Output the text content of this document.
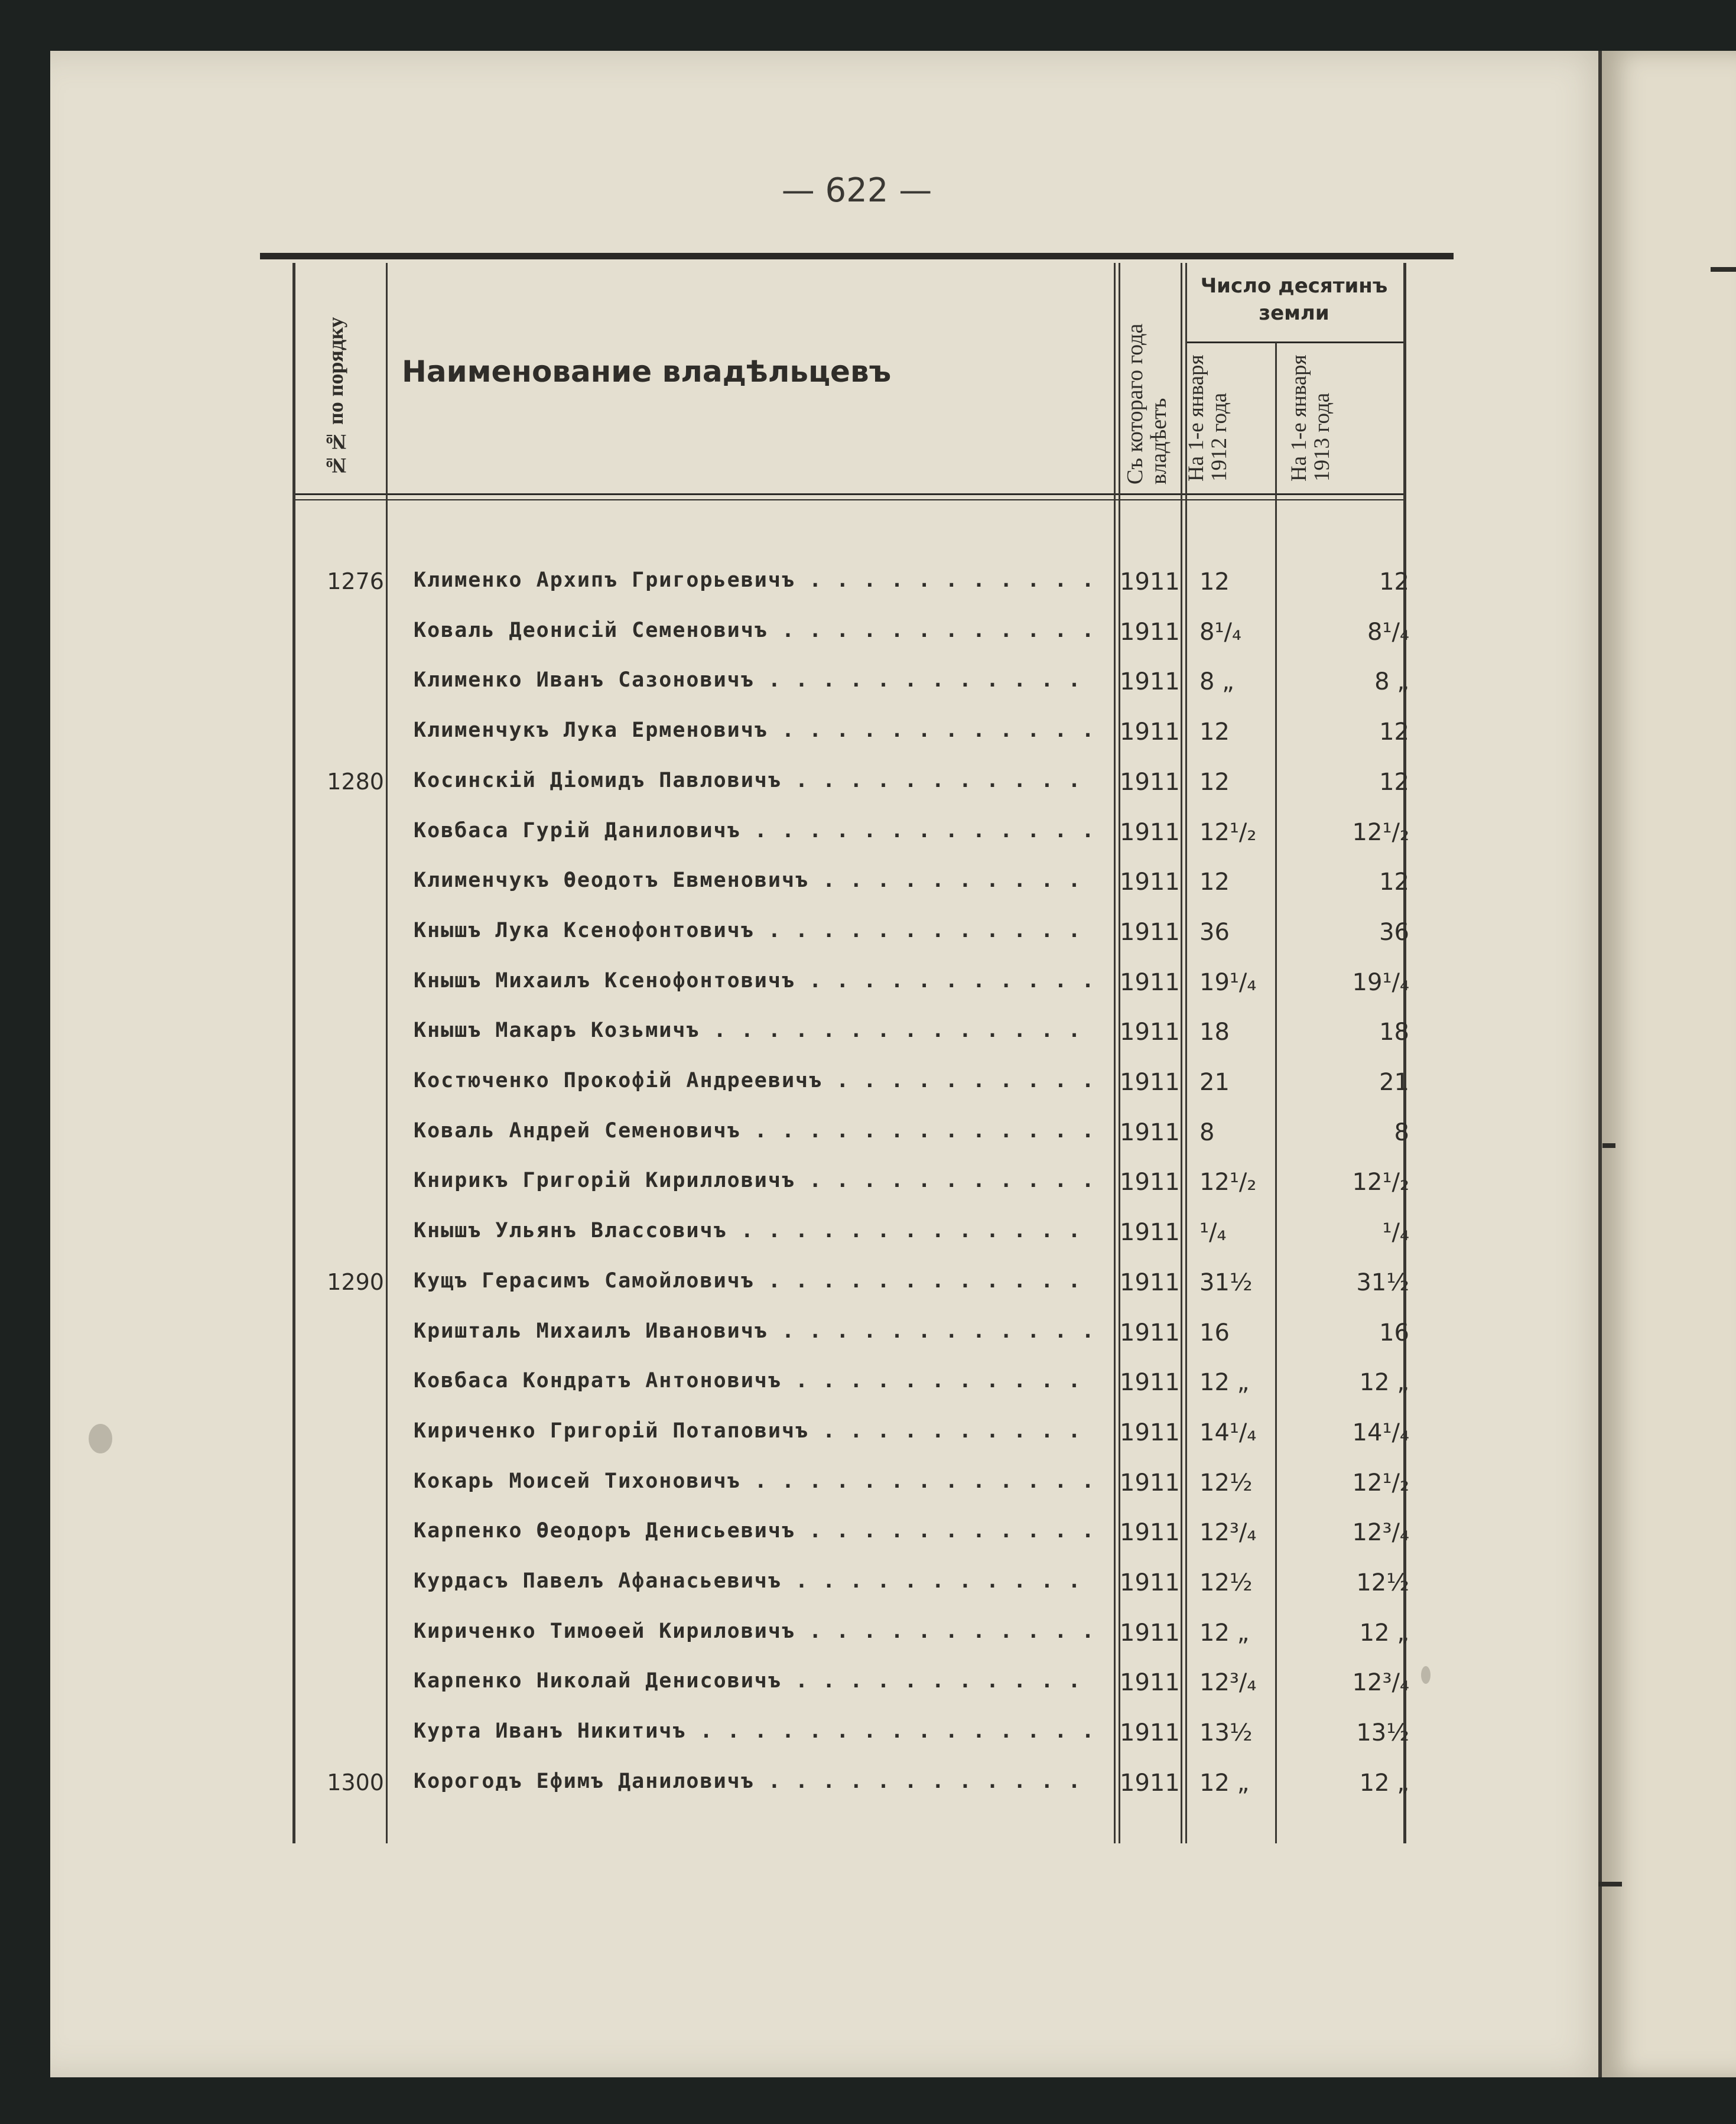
— 622 —
№№ по порядку Наименование владѣльцевъ	Съ котораго года владѣетъ
Число десятинъ земли
На 1-е января 1912 года	На 1-е января 1913 года
1276 Клименко Архипъ Григорьевичъ . . .	1911 12	12
Коваль Деонисій Семеновичъ . . .	1911 8¹/₄	8¹/₄
Клименко Иванъ Сазоновичъ . . .	1911 8 „	8 „
Клименчукъ Лука Ерменовичъ . . .	1911 12	12
1280 Косинскій Діомидъ Павловичъ . . .	1911 12	12
Ковбаса Гурій Даниловичъ . . .	1911 12¹/₂	12¹/₂
Клименчукъ Ѳеодотъ Евменовичъ . . .	1911 12	12
Кнышъ Лука Ксенофонтовичъ . . .	1911 36	36
Кнышъ Михаилъ Ксенофонтовичъ . . .	1911 19¹/₄	19¹/₄
Кнышъ Макаръ Козьмичъ . . .	1911 18	18
Костюченко Прокофій Андреевичъ . . .	1911 21	21
Коваль Андрей Семеновичъ . . .	1911 8	8
Книрикъ Григорій Кирилловичъ . . .	1911 12¹/₂	12¹/₂
Кнышъ Ульянъ Власcовичъ . . .	1911 ¹/₄	¹/₄
1290 Кущъ Герасимъ Самойловичъ . . .	1911 31½	31½
Кришталь Михаилъ Ивановичъ . . .	1911 16	16
Ковбаса Кондратъ Антоновичъ . . .	1911 12 „	12 „
Кириченко Григорій Потаповичъ . . .	1911 14¹/₄	14¹/₄
Кокарь Моисей Тихоновичъ . . .	1911 12½	12¹/₂
Карпенко Ѳеодоръ Денисьевичъ . . .	1911 12³/₄	12³/₄
Курдасъ Павелъ Афанасьевичъ . . .	1911 12½	12½
Кириченко Тимоѳей Кириловичъ . . .	1911 12 „	12 „
Карпенко Николай Денисовичъ . . .	1911 12³/₄	12³/₄
Курта Иванъ Никитичъ . . .	1911 13½	13½
1300 Корогодъ Ефимъ Даниловичъ . . .	1911 12 „	12 „
